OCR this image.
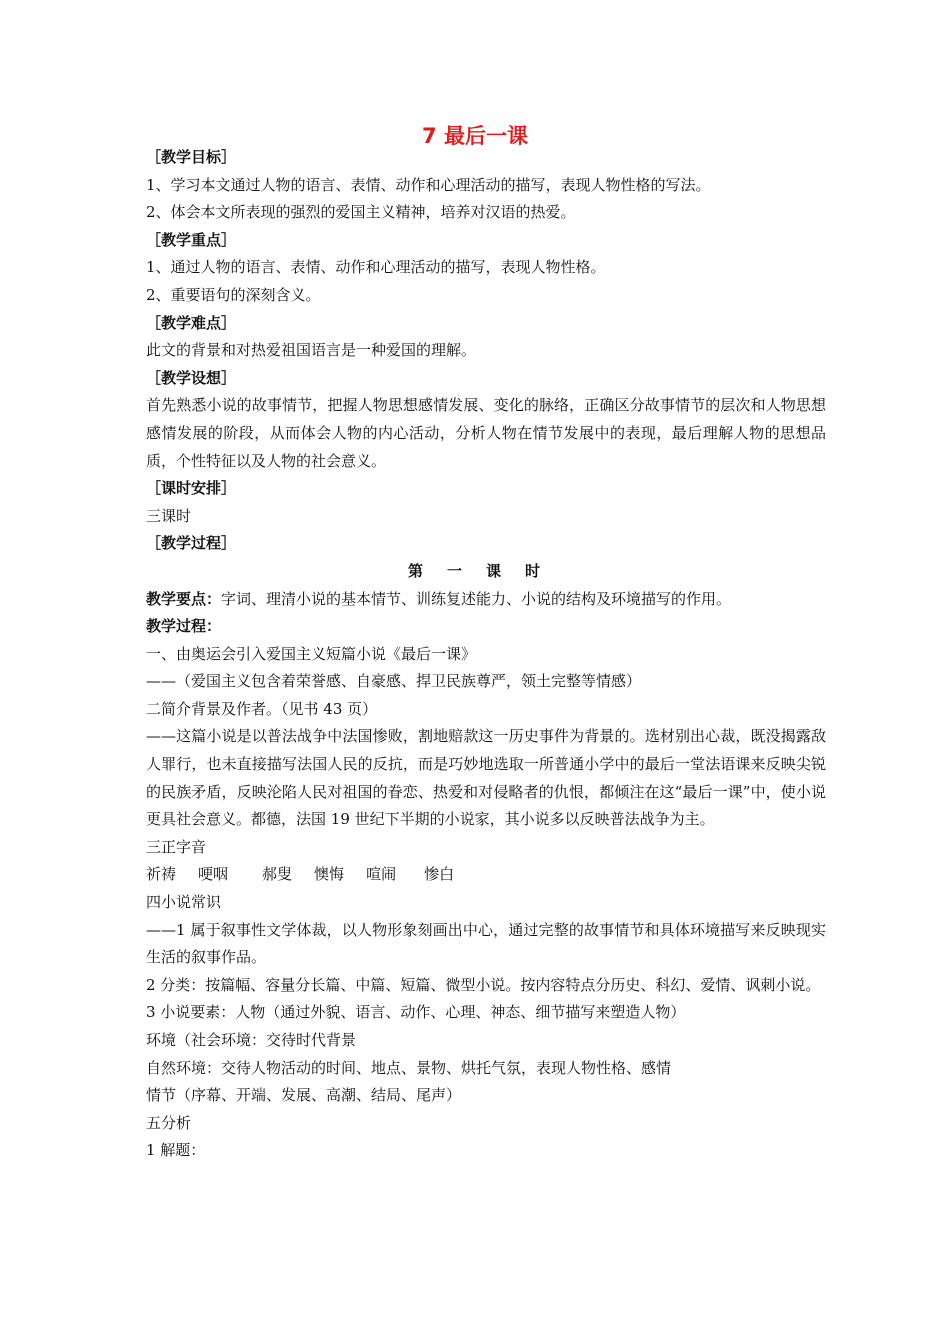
7 最后一课
［教学目标］
1、学习本文通过人物的语言、表情、动作和心理活动的描写，表现人物性格的写法。
2、体会本文所表现的强烈的爱国主义精神，培养对汉语的热爱。
［教学重点］
1、通过人物的语言、表情、动作和心理活动的描写，表现人物性格。
2、重要语句的深刻含义。
［教学难点］
此文的背景和对热爱祖国语言是一种爱国的理解。
［教学设想］
首先熟悉小说的故事情节，把握人物思想感情发展、变化的脉络，正确区分故事情节的层次和人物思想感情发展的阶段，从而体会人物的内心活动，分析人物在情节发展中的表现，最后理解人物的思想品质，个性特征以及人物的社会意义。
［课时安排］
三课时
［教学过程］
第一课时
教学要点：字词、理清小说的基本情节、训练复述能力、小说的结构及环境描写的作用。
教学过程：
一、由奥运会引入爱国主义短篇小说《最后一课》
——（爱国主义包含着荣誉感、自豪感、捍卫民族尊严，领土完整等情感）
二简介背景及作者。（见书 43 页）
——这篇小说是以普法战争中法国惨败，割地赔款这一历史事件为背景的。选材别出心裁，既没揭露敌人罪行，也未直接描写法国人民的反抗，而是巧妙地选取一所普通小学中的最后一堂法语课来反映尖锐的民族矛盾，反映沦陷人民对祖国的眷恋、热爱和对侵略者的仇恨，都倾注在这“最后一课”中，使小说更具社会意义。都德，法国 19 世纪下半期的小说家，其小说多以反映普法战争为主。
三正字音
祈祷 哽咽 郝叟 懊悔 喧闹 惨白
四小说常识
——1 属于叙事性文学体裁，以人物形象刻画出中心，通过完整的故事情节和具体环境描写来反映现实生活的叙事作品。
2 分类：按篇幅、容量分长篇、中篇、短篇、微型小说。按内容特点分历史、科幻、爱情、讽刺小说。
3 小说要素：人物（通过外貌、语言、动作、心理、神态、细节描写来塑造人物）
环境（社会环境：交待时代背景
自然环境：交待人物活动的时间、地点、景物、烘托气氛，表现人物性格、感情
情节（序幕、开端、发展、高潮、结局、尾声）
五分析
1 解题：
